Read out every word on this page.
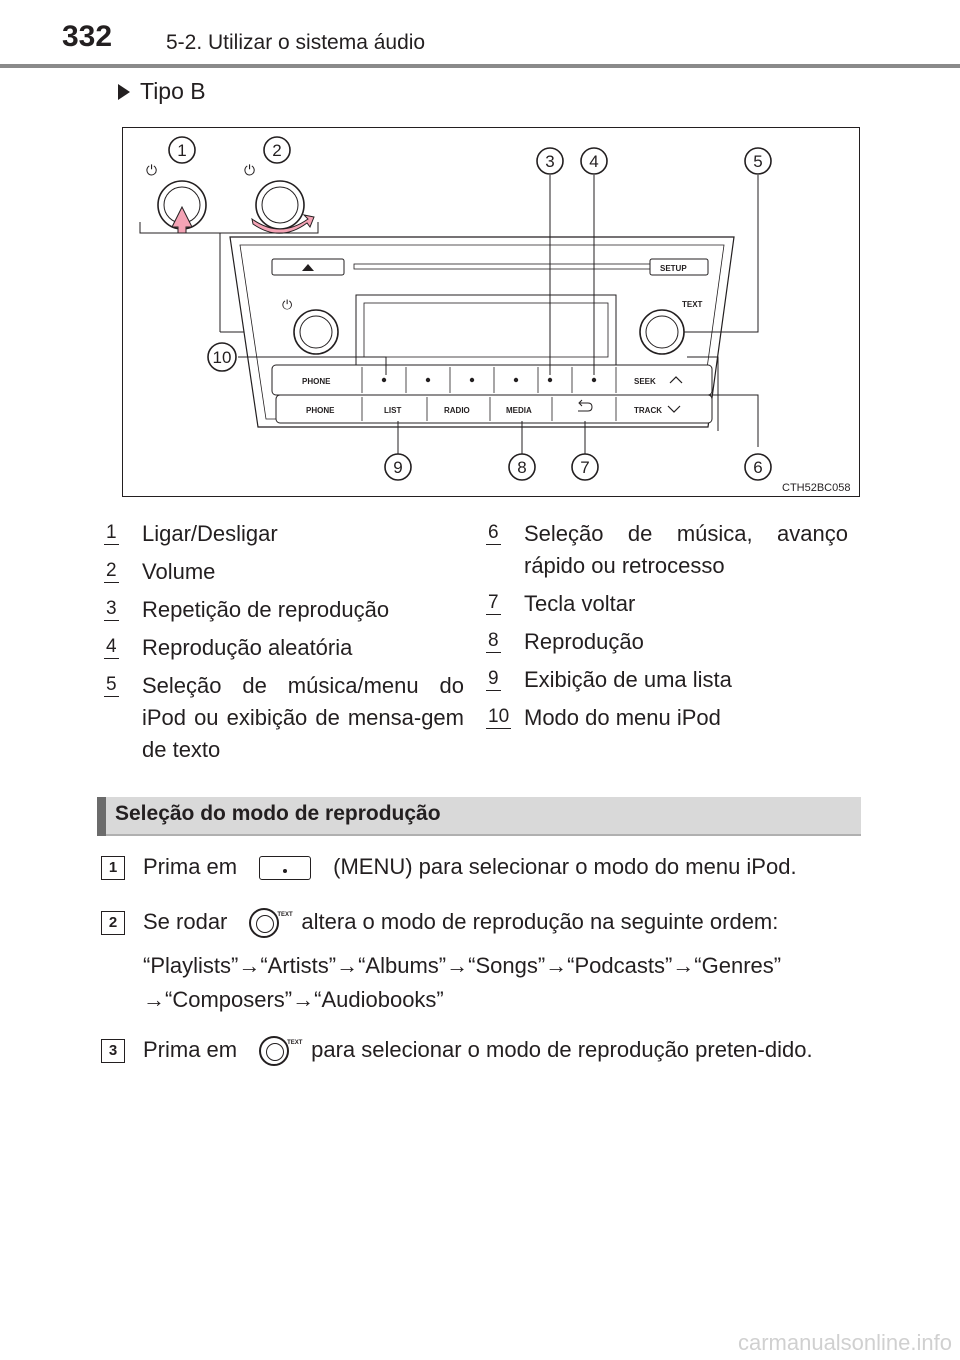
332	5-2. Utilizar o sistema áudio
Tipo B
⏻	⏻
SETUP
⏻	TEXT
PHONE	SEEK
PHONE	LIST	RADIO	MEDIA	TRACK
1	2
3 4	5
6
7
8
9
10
CTH52BC058
1 Ligar/Desligar
2 Volume
3 Repetição de reprodução
4 Reprodução aleatória
5 Seleção de música/menu do iPod ou exibição de mensa-gem de texto
6 Seleção de música, avanço rápido ou retrocesso
7 Tecla voltar
8 Reprodução
9 Exibição de uma lista
10 Modo do menu iPod
Seleção do modo de reprodução
1	Prima em	(MENU) para selecionar o modo do menu iPod.
2	Se rodar	TEXT altera o modo de reprodução na seguinte ordem:
“Playlists”→“Artists”→“Albums”→“Songs”→“Podcasts”→“Genres” →“Composers”→“Audiobooks”
3	Prima em	TEXT para selecionar o modo de reprodução preten-dido.
carmanualsonline.info
